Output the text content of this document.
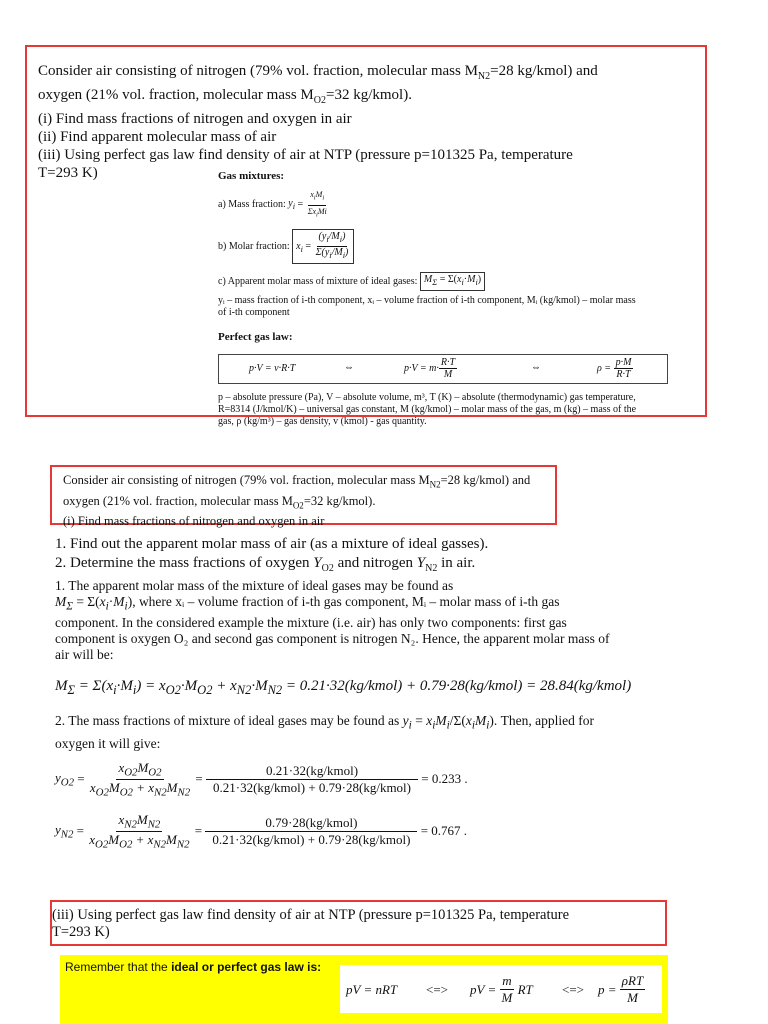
Consider air consisting of nitrogen (79% vol. fraction, molecular mass $M_{N2}=28$ kg/kmol) and
oxygen (21% vol. fraction, molecular mass $M_{O2}=32$ kg/kmol).
(i) Find mass fractions of nitrogen and oxygen in air
(ii) Find apparent molecular mass of air
(iii) Using perfect gas law find density of air at NTP (pressure p=101325 Pa, temperature
T=293 K)	Gas mixtures:
a) Mass fraction:
$y_i = \frac{x_iM_i}{\Sigma x_iMi}$
b) Molar fraction:
$x_i = \frac{(y_i/M_i)}{\Sigma(y_i/M_i)}$
c) Apparent molar mass of mixture of ideal gases:
$M_\Sigma = \Sigma(x_i\cdot M_i)$
yᵢ – mass fraction of i-th component, xᵢ – volume fraction of i-th component, Mᵢ (kg/kmol) – molar mass
of i-th component
Perfect gas law:
p·V = v·R·T	⇔	$p\cdot V = m\cdot \frac{R\cdot T}{M}$	⇔	ρ =
$\frac{p\cdot M}{R\cdot T}$
p – absolute pressure (Pa), V – absolute volume, m³, T (K) – absolute (thermodynamic) gas temperature,
R=8314 (J/kmol/K) – universal gas constant, M (kg/kmol) – molar mass of the gas, m (kg) – mass of the
gas, ρ (kg/m³) – gas density, v (kmol) - gas quantity.
Consider air consisting of nitrogen (79% vol. fraction, molecular mass $M_{N2}=28$ kg/kmol) and
oxygen (21% vol. fraction, molecular mass $M_{O2}=32$ kg/kmol).
(i) Find mass fractions of nitrogen and oxygen in air
1. Find out the apparent molar mass of air (as a mixture of ideal gasses).
2. Determine the mass fractions of oxygen $Y_{O2}$ and nitrogen $Y_{N2}$ in air.
1. The apparent molar mass of the mixture of ideal gases may be found as
$M_\Sigma = \Sigma(x_i\cdot M_i)$, where xᵢ – volume fraction of i-th gas component, Mᵢ – molar mass of i-th gas
component. In the considered example the mixture (i.e. air) has only two components: first gas
component is oxygen O₂ and second gas component is nitrogen N₂. Hence, the apparent molar mass of
air will be:
$M_\Sigma = \Sigma(x_i\cdot M_i) = x_{O2}\cdot M_{O2} + x_{N2}\cdot M_{N2}$ = 0.21·32(kg/kmol) + 0.79·28(kg/kmol) = 28.84(kg/kmol)
2. The mass fractions of mixture of ideal gases may be found as $y_i = x_iM_i/\Sigma(x_iM_i)$. Then, applied for
oxygen it will give:
$y_{O2} = \frac{x_{O2}M_{O2}}{x_{O2}M_{O2} + x_{N2}M_{N2}} = \frac{\text{0.21·32(kg/kmol)}}{\text{0.21·32(kg/kmol) + 0.79·28(kg/kmol)}}$
= 0.233 .
$y_{N2} = \frac{x_{N2}M_{N2}}{x_{O2}M_{O2} + x_{N2}M_{N2}} = \frac{\text{0.79·28(kg/kmol)}}{\text{0.21·32(kg/kmol) + 0.79·28(kg/kmol)}}$
= 0.767 .
(iii) Using perfect gas law find density of air at NTP (pressure p=101325 Pa, temperature
T=293 K)
Remember that the ideal or perfect gas law is:
pV = nRT <=> pV =
$\frac{m}{M}$
RT <=> p =
$\frac{\text{ρRT}}{M}$
